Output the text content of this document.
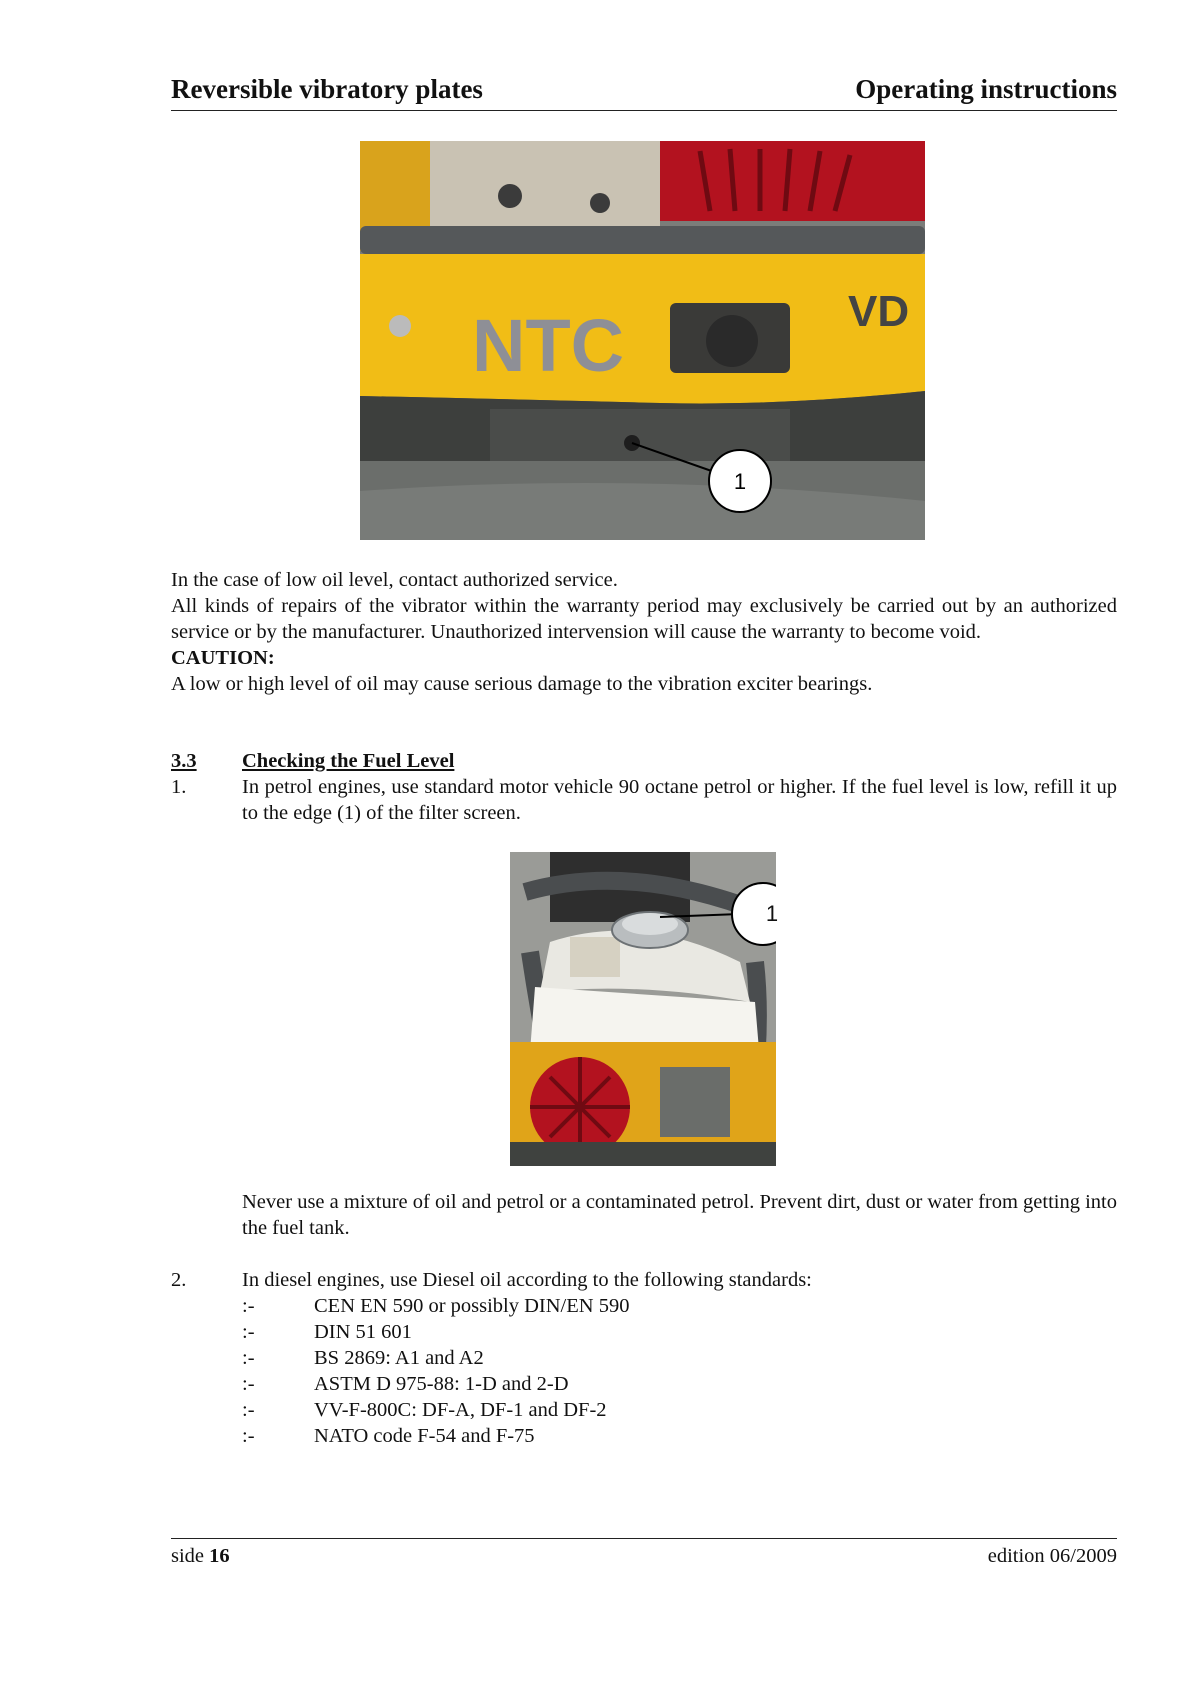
Reversible vibratory plates	Operating instructions
NTC	VD
1
In the case of low oil level, contact authorized service.
All kinds of repairs of the vibrator within the warranty period may exclusively be carried out by an authorized service or by the manufacturer. Unauthorized intervension will cause the warranty to become void.
CAUTION:
A low or high level of oil may cause serious damage to the vibration exciter bearings.
3.3 Checking the Fuel Level
1.	In petrol engines, use standard motor vehicle 90 octane petrol or higher. If the fuel level is low, refill it up to the edge (1) of the filter screen.
1
Never use a mixture of oil and petrol or a contaminated petrol. Prevent dirt, dust or water from getting into the fuel tank.
2.	In diesel engines, use Diesel oil according to the following standards:
:-	CEN EN 590 or possibly DIN/EN 590
:-	DIN 51 601
:-	BS 2869: A1 and A2
:-	ASTM D 975-88: 1-D and 2-D
:-	VV-F-800C: DF-A, DF-1 and DF-2
:-	NATO code F-54 and F-75
side 16	edition 06/2009
